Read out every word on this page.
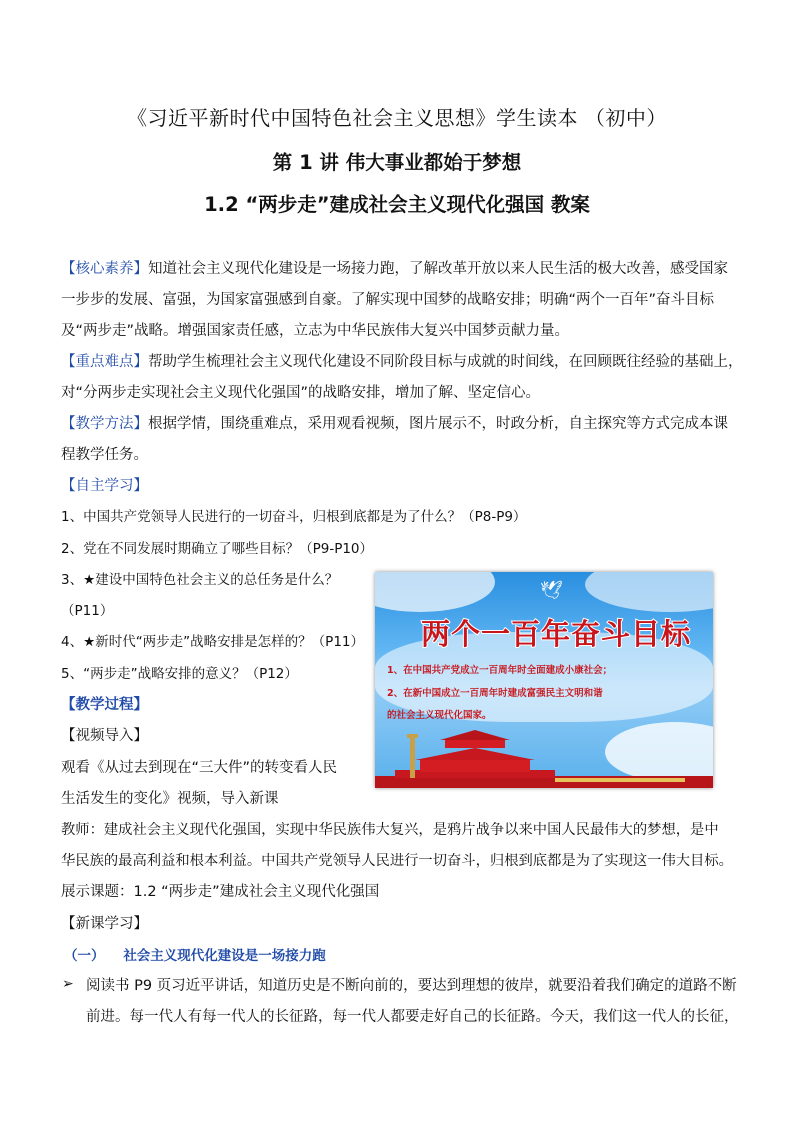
《习近平新时代中国特色社会主义思想》学生读本 （初中）
第 1 讲 伟大事业都始于梦想
1.2 “两步走”建成社会主义现代化强国 教案
【核心素养】知道社会主义现代化建设是一场接力跑，了解改革开放以来人民生活的极大改善，感受国家
一步步的发展、富强，为国家富强感到自豪。了解实现中国梦的战略安排；明确“两个一百年”奋斗目标
及“两步走”战略。增强国家责任感，立志为中华民族伟大复兴中国梦贡献力量。
【重点难点】帮助学生梳理社会主义现代化建设不同阶段目标与成就的时间线，在回顾既往经验的基础上，
对“分两步走实现社会主义现代化强国”的战略安排，增加了解、坚定信心。
【教学方法】根据学情，围绕重难点，采用观看视频，图片展示不，时政分析，自主探究等方式完成本课
程教学任务。
【自主学习】
1、中国共产党领导人民进行的一切奋斗，归根到底都是为了什么？（P8-P9）
2、党在不同发展时期确立了哪些目标？（P9-P10）
3、★建设中国特色社会主义的总任务是什么？
（P11）
4、★新时代“两步走”战略安排是怎样的？（P11）
5、“两步走”战略安排的意义？（P12）
【教学过程】
【视频导入】
观看《从过去到现在“三大件”的转变看人民
生活发生的变化》视频，导入新课
教师：建成社会主义现代化强国，实现中华民族伟大复兴，是鸦片战争以来中国人民最伟大的梦想，是中
华民族的最高利益和根本利益。中国共产党领导人民进行一切奋斗，归根到底都是为了实现这一伟大目标。
展示课题：1.2 “两步走”建成社会主义现代化强国
【新课学习】
（一） 社会主义现代化建设是一场接力跑
➢ 阅读书 P9 页习近平讲话，知道历史是不断向前的，要达到理想的彼岸，就要沿着我们确定的道路不断
前进。每一代人有每一代人的长征路，每一代人都要走好自己的长征路。今天，我们这一代人的长征，
🕊
两个一百年奋斗目标
1、在中国共产党成立一百周年时全面建成小康社会；
2、在新中国成立一百周年时建成富强民主文明和谐
的社会主义现代化国家。
